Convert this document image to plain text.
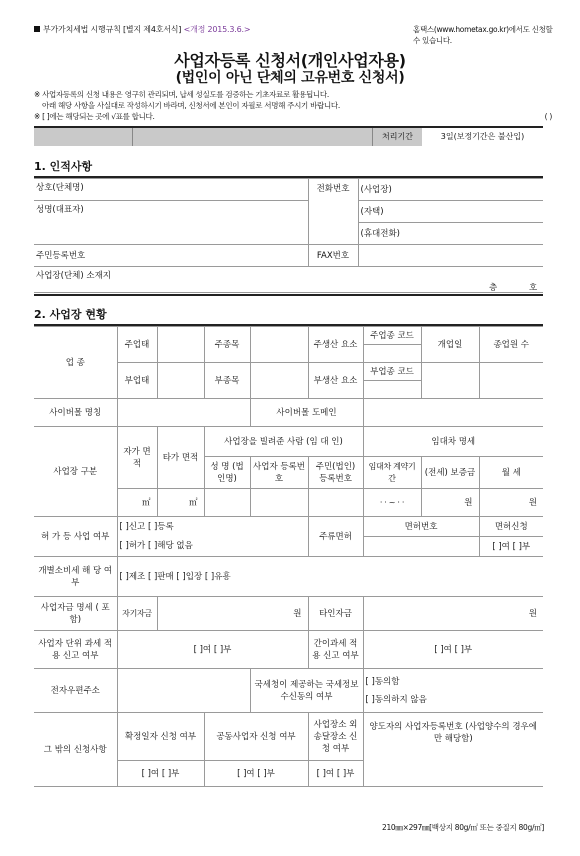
부가가치세법 시행규칙 [별지 제4호서식] <개정 2015.3.6.>	홈택스(www.hometax.go.kr)에서도 신청할 수 있습니다.
사업자등록 신청서(개인사업자용)
(법인이 아닌 단체의 고유번호 신청서)
※ 사업자등록의 신청 내용은 영구히 관리되며, 납세 성실도를 검증하는 기초자료로 활용됩니다.
아래 해당 사항을 사실대로 작성하시기 바라며, 신청서에 본인이 자필로 서명해 주시기 바랍니다.
※ [ ]에는 해당되는 곳에 √표를 합니다.	( )
처리기간	3일(보정기간은 불산입)
1. 인적사항
상호(단체명)	전화번호	(사업장)
성명(대표자)		(자택)
		(휴대전화)
주민등록번호	FAX번호	
사업장(단체) 소재지
층 호		
2. 사업장 현황
업 종	주업태		주종목		주생산 요소	주업종 코드	개업일	종업원 수

	부업태		부종목		부생산 요소	부업종 코드		

사이버몰 명칭				사이버몰 도메인				
사업장 구분	자가 면적	타가 면적	사업장을 빌려준 사람 (임 대 인)			임대차 명세		
			성 명 (법인명)	사업자 등록번호	주민(법인) 등록번호	임대차 계약기간	(전세) 보증금	월 세
	㎡	㎡				· · ~ · ·	원	원
허 가 등 사업 여부	[ ]신고 [ ]등록				주류면허	면허번호		면허신청
	[ ]허가 [ ]해당 없음							[ ]여 [ ]부
개별소비세 해 당 여 부	[ ]제조 [ ]판매 [ ]입장 [ ]유흥							
사업자금 명세 ( 포함)	자기자금	원			타인자금	원		
사업자 단위 과세 적용 신고 여부	[ ]여 [ ]부				간이과세 적용 신고 여부	[ ]여 [ ]부		
전자우편주소				국세청이 제공하는 국세정보 수신동의 여부		[ ]동의함
[ ]동의하지 않음		

그 밖의 신청사항	확정일자 신청 여부		공동사업자 신청 여부		사업장소 외 송달장소 신청 여부	양도자의 사업자등록번호 (사업양수의 경우에만 해당함)		
	[ ]여 [ ]부		[ ]여 [ ]부		[ ]여 [ ]부			
210㎜×297㎜[백상지 80g/㎡ 또는 중질지 80g/㎡]
